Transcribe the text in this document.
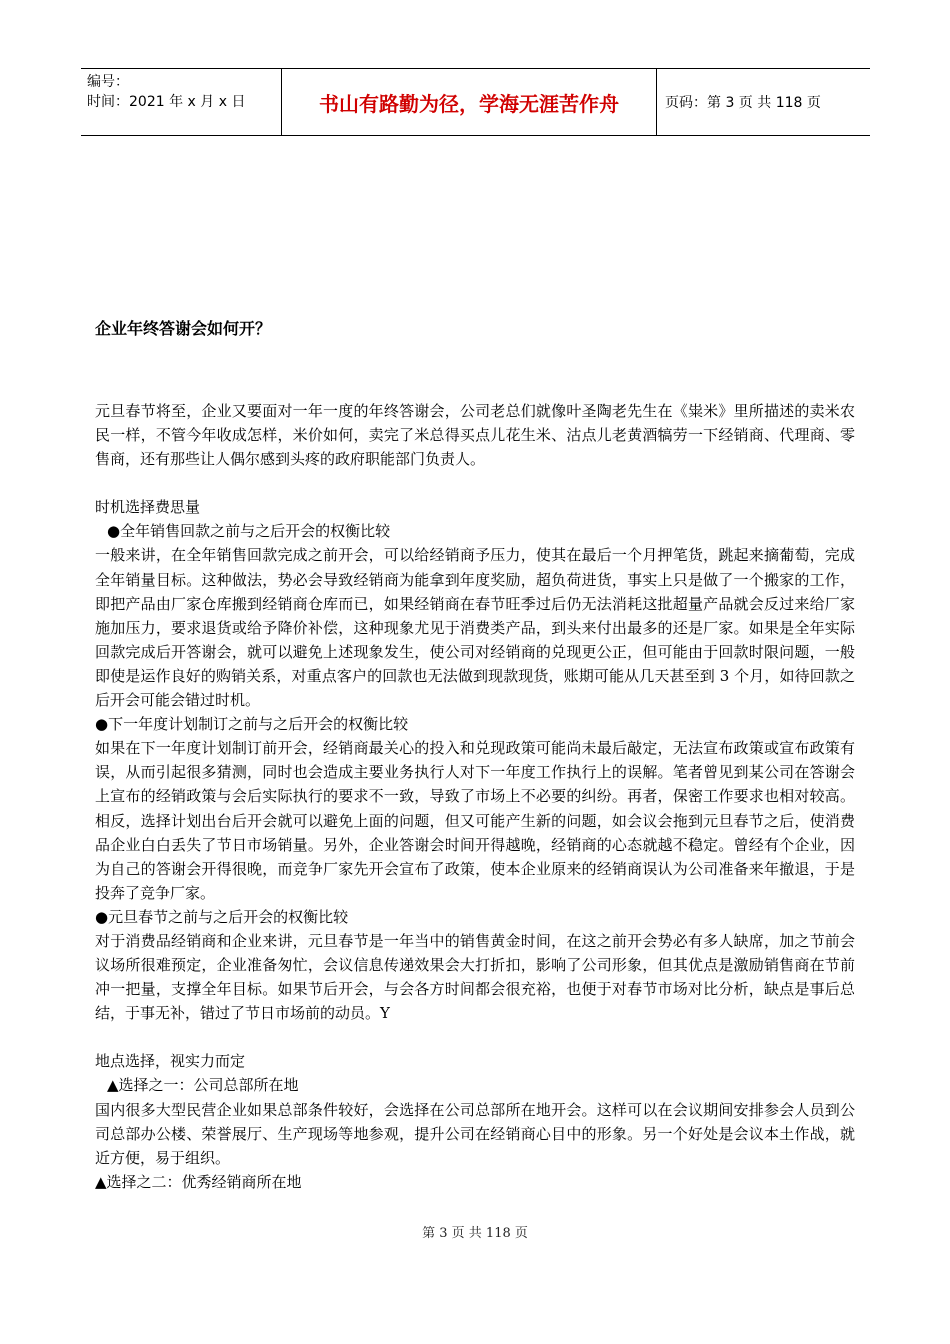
编号：
时间：2021 年 x 月 x 日	书山有路勤为径，学海无涯苦作舟	页码：第 3 页 共 118 页
企业年终答谢会如何开？

元旦春节将至，企业又要面对一年一度的年终答谢会，公司老总们就像叶圣陶老先生在《粜米》里所描述的卖米农民一样，不管今年收成怎样，米价如何，卖完了米总得买点儿花生米、沽点儿老黄酒犒劳一下经销商、代理商、零售商，还有那些让人偶尔感到头疼的政府职能部门负责人。

时机选择费思量

●全年销售回款之前与之后开会的权衡比较

一般来讲，在全年销售回款完成之前开会，可以给经销商予压力，使其在最后一个月押笔货，跳起来摘葡萄，完成全年销量目标。这种做法，势必会导致经销商为能拿到年度奖励，超负荷进货，事实上只是做了一个搬家的工作，即把产品由厂家仓库搬到经销商仓库而已，如果经销商在春节旺季过后仍无法消耗这批超量产品就会反过来给厂家施加压力，要求退货或给予降价补偿，这种现象尤见于消费类产品，到头来付出最多的还是厂家。如果是全年实际回款完成后开答谢会，就可以避免上述现象发生，使公司对经销商的兑现更公正，但可能由于回款时限问题，一般即使是运作良好的购销关系，对重点客户的回款也无法做到现款现货，账期可能从几天甚至到 3 个月，如待回款之后开会可能会错过时机。

●下一年度计划制订之前与之后开会的权衡比较

如果在下一年度计划制订前开会，经销商最关心的投入和兑现政策可能尚未最后敲定，无法宣布政策或宣布政策有误，从而引起很多猜测，同时也会造成主要业务执行人对下一年度工作执行上的误解。笔者曾见到某公司在答谢会上宣布的经销政策与会后实际执行的要求不一致，导致了市场上不必要的纠纷。再者，保密工作要求也相对较高。相反，选择计划出台后开会就可以避免上面的问题，但又可能产生新的问题，如会议会拖到元旦春节之后，使消费品企业白白丢失了节日市场销量。另外，企业答谢会时间开得越晚，经销商的心态就越不稳定。曾经有个企业，因为自己的答谢会开得很晚，而竞争厂家先开会宣布了政策，使本企业原来的经销商误认为公司准备来年撤退，于是投奔了竞争厂家。

●元旦春节之前与之后开会的权衡比较

对于消费品经销商和企业来讲，元旦春节是一年当中的销售黄金时间，在这之前开会势必有多人缺席，加之节前会议场所很难预定，企业准备匆忙，会议信息传递效果会大打折扣，影响了公司形象，但其优点是激励销售商在节前冲一把量，支撑全年目标。如果节后开会，与会各方时间都会很充裕，也便于对春节市场对比分析，缺点是事后总结，于事无补，错过了节日市场前的动员。Y

地点选择，视实力而定

▲选择之一：公司总部所在地

国内很多大型民营企业如果总部条件较好，会选择在公司总部所在地开会。这样可以在会议期间安排参会人员到公司总部办公楼、荣誉展厅、生产现场等地参观，提升公司在经销商心目中的形象。另一个好处是会议本土作战，就近方便，易于组织。

▲选择之二：优秀经销商所在地

第 3 页 共 118 页
